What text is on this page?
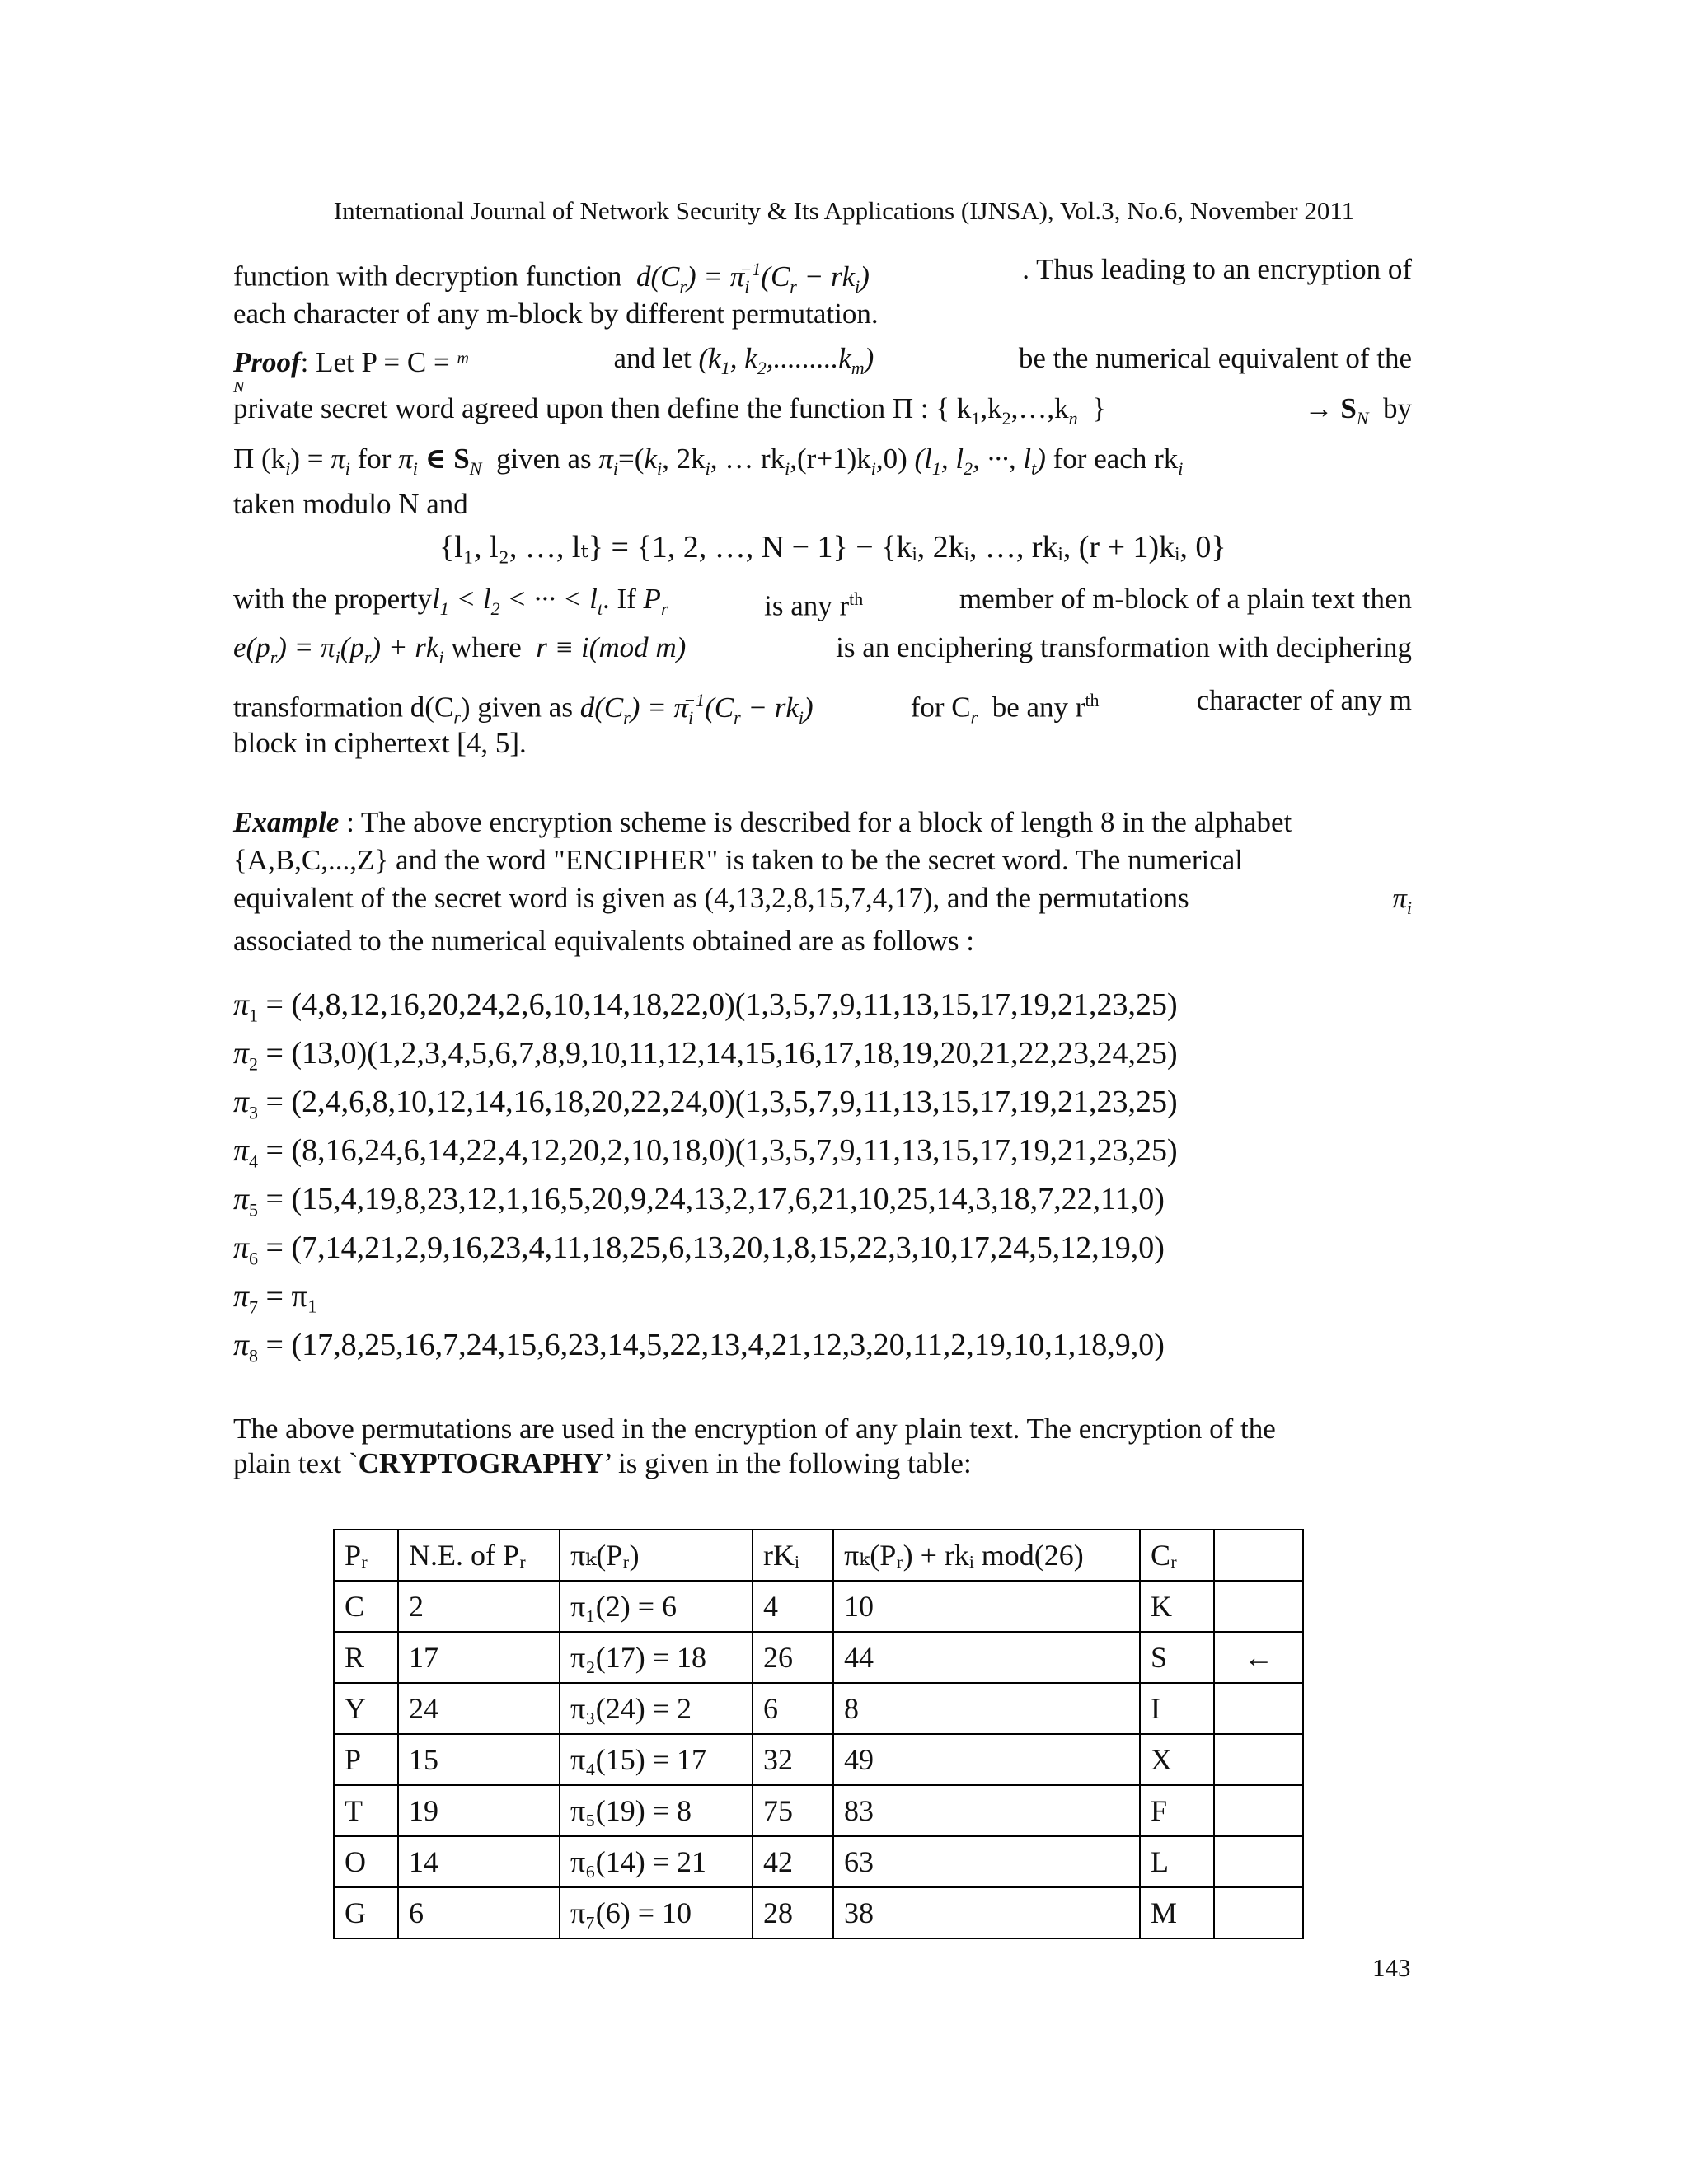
International Journal of Network Security & Its Applications (IJNSA), Vol.3, No.6, November 2011
function with decryption function $d(C_r) = \pi_i^{-1}(C_r - rk_i)$	. Thus leading to an encryption of
each character of any m-block by different permutation.
Proof: Let P = C = $^{m N}$
and let ($k_1$, $k_2,.........k_m$)	be the numerical equivalent of the
private secret word agreed upon then define the function Π : { $k_1,k_2,\dots,k_n$  }	→ $S_N$ by
Π $(k_i) = \pi_i$ for $\pi_i$ ∈ $S_N$ given as $\pi_i=(k_i$, $2k_i$, … $rk_i,(r+1)k_i,0$) ($l_1$, $l_2$, ···, $l_t$) for each $rk_i$
taken modulo N and
{l₁, l₂, …, lₜ} = {1, 2, …, N − 1} − {kᵢ, 2kᵢ, …, rkᵢ, (r + 1)kᵢ, 0}
with the propertyl$_1$ < $l_2$ < ··· < $l_t$. If $P_r$	is any $r^{th}$	member of m-block of a plain text then
$e(p_r) = \pi_i(p_r) + rk_i$ where  r ≡ i(mod m)	is an enciphering transformation with deciphering
transformation $d(C_r)$ given as $d(C_r) = \pi_i^{-1}(C_r - rk_i)$	for $C_r$ be any $r^{th}$	character of any m
block in ciphertext [4, 5].
Example : The above encryption scheme is described for a block of length 8 in the alphabet
{A,B,C,...,Z} and the word "ENCIPHER" is taken to be the secret word. The numerical
equivalent of the secret word is given as (4,13,2,8,15,7,4,17), and the permutations	$\pi_i$
associated to the numerical equivalents obtained are as follows :
$\pi_1 = (4,8,12,16,20,24,2,6,10,14,18,22,0)(1,3,5,7,9,11,13,15,17,19,21,23,25)$
$\pi_2 = (13,0)(1,2,3,4,5,6,7,8,9,10,11,12,14,15,16,17,18,19,20,21,22,23,24,25)$
$\pi_3 = (2,4,6,8,10,12,14,16,18,20,22,24,0)(1,3,5,7,9,11,13,15,17,19,21,23,25)$
$\pi_4 = (8,16,24,6,14,22,4,12,20,2,10,18,0)(1,3,5,7,9,11,13,15,17,19,21,23,25)$
$\pi_5 = (15,4,19,8,23,12,1,16,5,20,9,24,13,2,17,6,21,10,25,14,3,18,7,22,11,0)$
$\pi_6 = (7,14,21,2,9,16,23,4,11,18,25,6,13,20,1,8,15,22,3,10,17,24,5,12,19,0)$
$\pi_7 = \pi_1$
$\pi_8 = (17,8,25,16,7,24,15,6,23,14,5,22,13,4,21,12,3,20,11,2,19,10,1,18,9,0)$
The above permutations are used in the encryption of any plain text. The encryption of the
plain text `CRYPTOGRAPHY’ is given in the following table:
Pᵣ	N.E. of Pᵣ	πₖ(Pᵣ)	rKᵢ	πₖ(Pᵣ) + rkᵢ mod(26)	Cᵣ	
C	2	π₁(2) = 6	4	10	K	
R	17	π₂(17) = 18	26	44	S	←
Y	24	π₃(24) = 2	6	8	I	
P	15	π₄(15) = 17	32	49	X	
T	19	π₅(19) = 8	75	83	F	
O	14	π₆(14) = 21	42	63	L	
G	6	π₇(6) = 10	28	38	M	
143
